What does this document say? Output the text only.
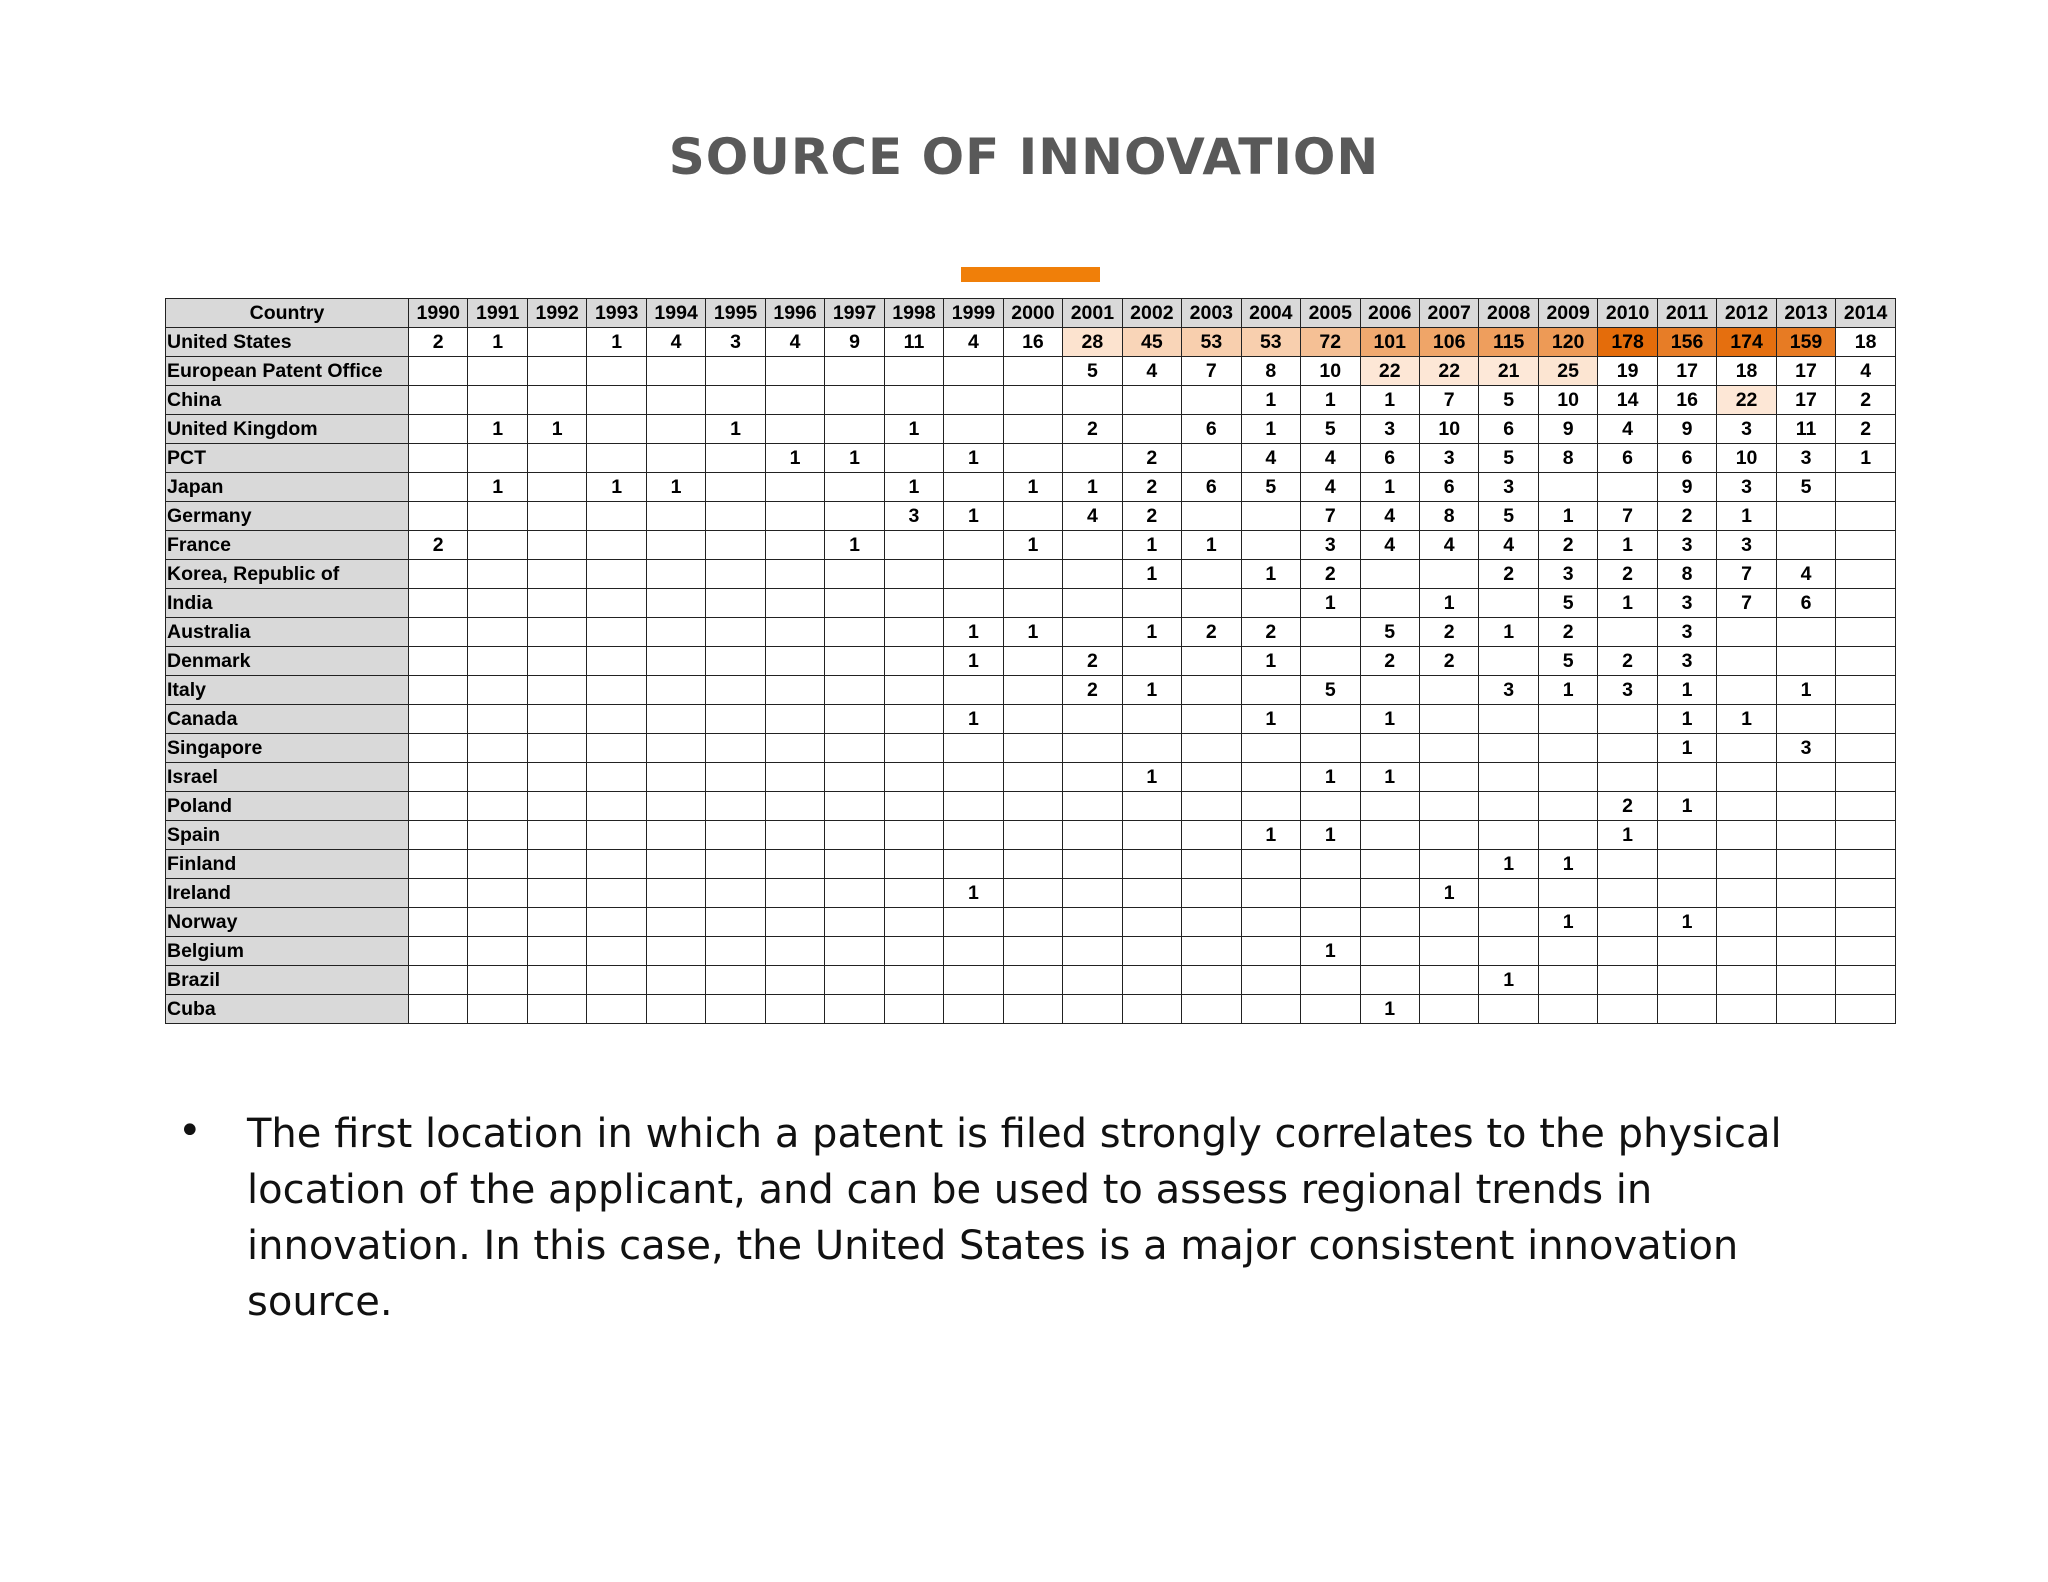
SOURCE OF INNOVATION
Country	1990	1991	1992	1993	1994	1995	1996	1997	1998	1999	2000	2001	2002	2003	2004	2005	2006	2007	2008	2009	2010	2011	2012	2013	2014
United States	2	1		1	4	3	4	9	11	4	16	28	45	53	53	72	101	106	115	120	178	156	174	159	18
European Patent Office												5	4	7	8	10	22	22	21	25	19	17	18	17	4
China															1	1	1	7	5	10	14	16	22	17	2
United Kingdom		1	1			1			1			2		6	1	5	3	10	6	9	4	9	3	11	2
PCT							1	1		1			2		4	4	6	3	5	8	6	6	10	3	1
Japan		1		1	1				1		1	1	2	6	5	4	1	6	3			9	3	5	
Germany									3	1		4	2			7	4	8	5	1	7	2	1		
France	2							1			1		1	1		3	4	4	4	2	1	3	3		
Korea, Republic of													1		1	2			2	3	2	8	7	4	
India																1		1		5	1	3	7	6	
Australia										1	1		1	2	2		5	2	1	2		3			
Denmark										1		2			1		2	2		5	2	3			
Italy												2	1			5			3	1	3	1		1	
Canada										1					1		1					1	1		
Singapore																						1		3	
Israel													1			1	1								
Poland																					2	1			
Spain															1	1					1				
Finland																			1	1					
Ireland										1								1							
Norway																				1		1			
Belgium																1									
Brazil																			1						
Cuba																	1								
• The first location in which a patent is filed strongly correlates to the physical location of the applicant, and can be used to assess regional trends in innovation. In this case, the United States is a major consistent innovation source.
